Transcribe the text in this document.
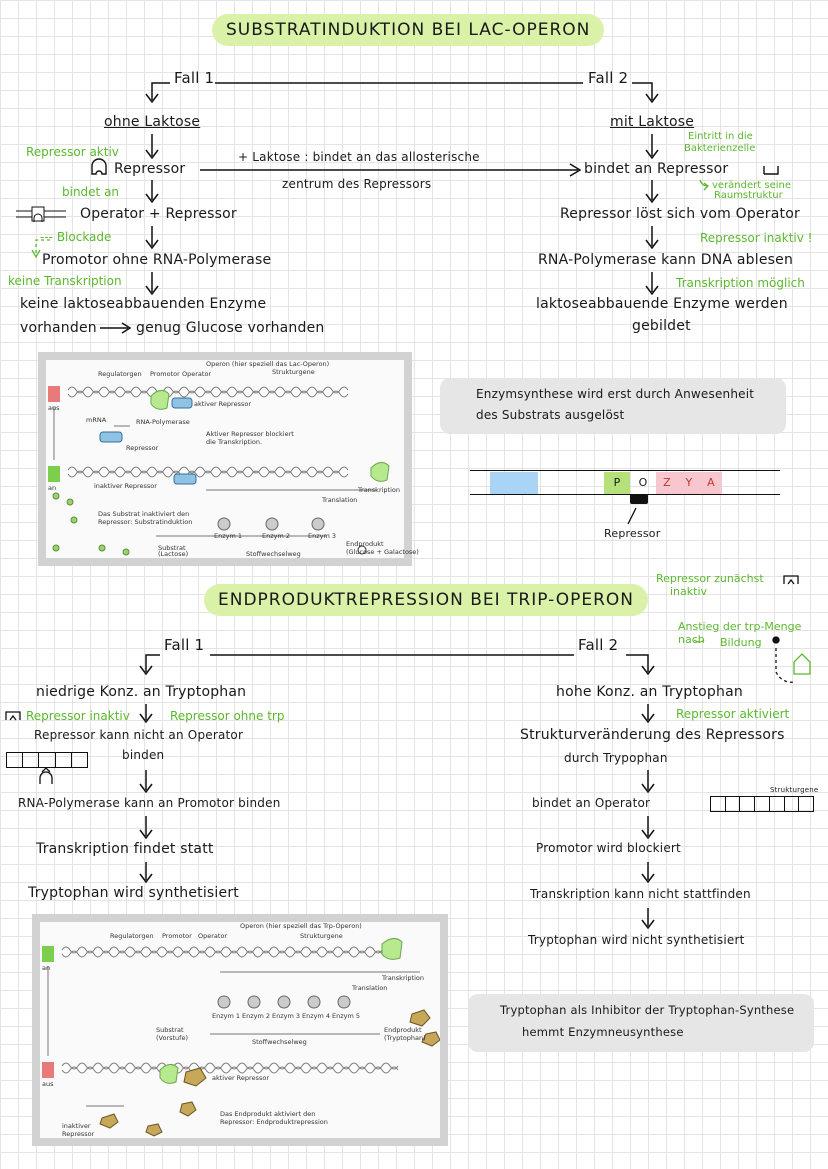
SUBSTRATINDUKTION BEI LAC-OPERON
Fall 1	Fall 2
ohne Laktose
Repressor aktiv
Repressor
bindet an
Operator + Repressor
--- Blockade
Promotor ohne RNA-Polymerase
keine Transkription
keine laktoseabbauenden Enzyme
vorhanden	genug Glucose vorhanden
+ Laktose : bindet an das allosterische
zentrum des Repressors
mit Laktose
Eintritt in die
Bakterienzelle
bindet an Repressor
verändert seine
Raumstruktur
Repressor löst sich vom Operator
Repressor inaktiv !
RNA-Polymerase kann DNA ablesen
Transkription möglich
laktoseabbauende Enzyme werden
gebildet
Operon (hier speziell das Lac-Operon)
Regulatorgen Promotor Operator	Strukturgene
aus
an
mRNA	RNA-Polymerase
aktiver Repressor
Repressor
Aktiver Repressor blockiert
die Transkription.
inaktiver Repressor	Transkription
Translation
Das Substrat inaktiviert den
Repressor: Substratinduktion
Enzym 1	Enzym 2	Enzym 3
Substrat
(Lactose)	Stoffwechselweg
Endprodukt
(Glucose + Galactose)
Enzymsynthese wird erst durch Anwesenheit
des Substrats ausgelöst
P	O	Z	Y	A
Repressor
ENDPRODUKTREPRESSION BEI TRIP-OPERON
Repressor zunächst
inaktiv
Anstieg der trp-Menge
nach Bildung
Fall 1	Fall 2
niedrige Konz. an Tryptophan
Repressor inaktiv	Repressor ohne trp
Repressor kann nicht an Operator
binden
RNA-Polymerase kann an Promotor binden
Transkription findet statt
Tryptophan wird synthetisiert
hohe Konz. an Tryptophan
Repressor aktiviert
Strukturveränderung des Repressors
durch Trypophan
bindet an Operator
Strukturgene
Promotor wird blockiert
Transkription kann nicht stattfinden
Tryptophan wird nicht synthetisiert
Operon (hier speziell das Trp-Operon)
Regulatorgen Promotor Operator	Strukturgene
an
aus
Transkription
Translation
Enzym 1 Enzym 2 Enzym 3 Enzym 4 Enzym 5
Substrat
(Vorstufe)	Stoffwechselweg
Endprodukt
(Tryptophan)
aktiver Repressor
inaktiver
Repressor
Das Endprodukt aktiviert den
Repressor: Endproduktrepression
Tryptophan als Inhibitor der Tryptophan-Synthese
hemmt Enzymneusynthese
